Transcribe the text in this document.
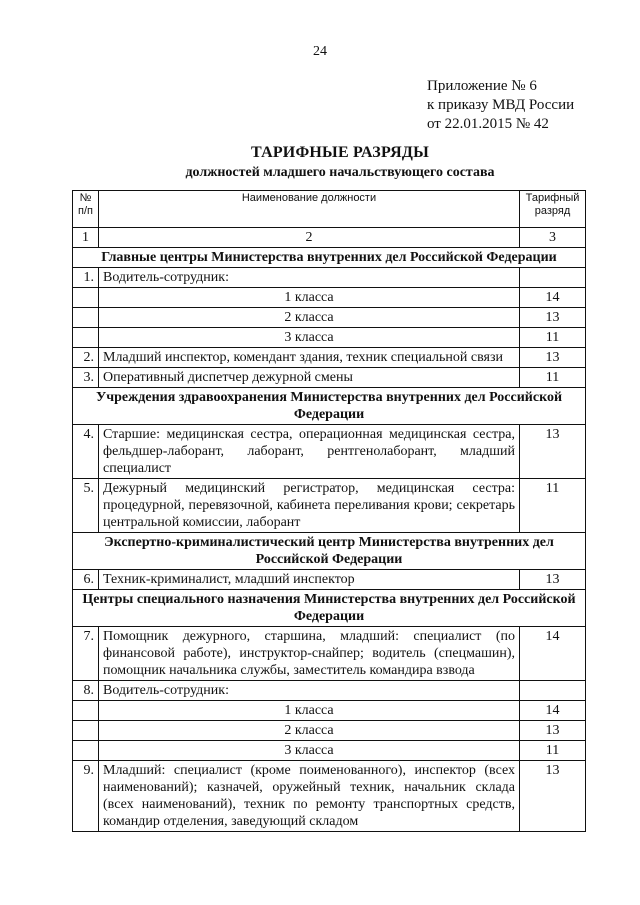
24
Приложение № 6
к приказу МВД России
от 22.01.2015 № 42
ТАРИФНЫЕ РАЗРЯДЫ
должностей младшего начальствующего состава
№ п/п	Наименование должности	Тарифный разряд
1	2	3
Главные центры Министерства внутренних дел Российской Федерации		
1.	Водитель-сотрудник:	
	1 класса	14
	2 класса	13
	3 класса	11
2.	Младший инспектор, комендант здания, техник специальной связи	13
3.	Оперативный диспетчер дежурной смены	11
Учреждения здравоохранения Министерства внутренних дел Российской Федерации		
4.	Старшие: медицинская сестра, операционная медицинская сестра, фельдшер-лаборант, лаборант, рентгенолаборант, младший специалист	13
5.	Дежурный медицинский регистратор, медицинская сестра: процедурной, перевязочной, кабинета переливания крови; секретарь центральной комиссии, лаборант	11
Экспертно-криминалистический центр Министерства внутренних дел Российской Федерации		
6.	Техник-криминалист, младший инспектор	13
Центры специального назначения Министерства внутренних дел Российской Федерации		
7.	Помощник дежурного, старшина, младший: специалист (по финансовой работе), инструктор-снайпер; водитель (спецмашин), помощник начальника службы, заместитель командира взвода	14
8.	Водитель-сотрудник:	
	1 класса	14
	2 класса	13
	3 класса	11
9.	Младший: специалист (кроме поименованного), инспектор (всех наименований); казначей, оружейный техник, начальник склада (всех наименований), техник по ремонту транспортных средств, командир отделения, заведующий складом	13
